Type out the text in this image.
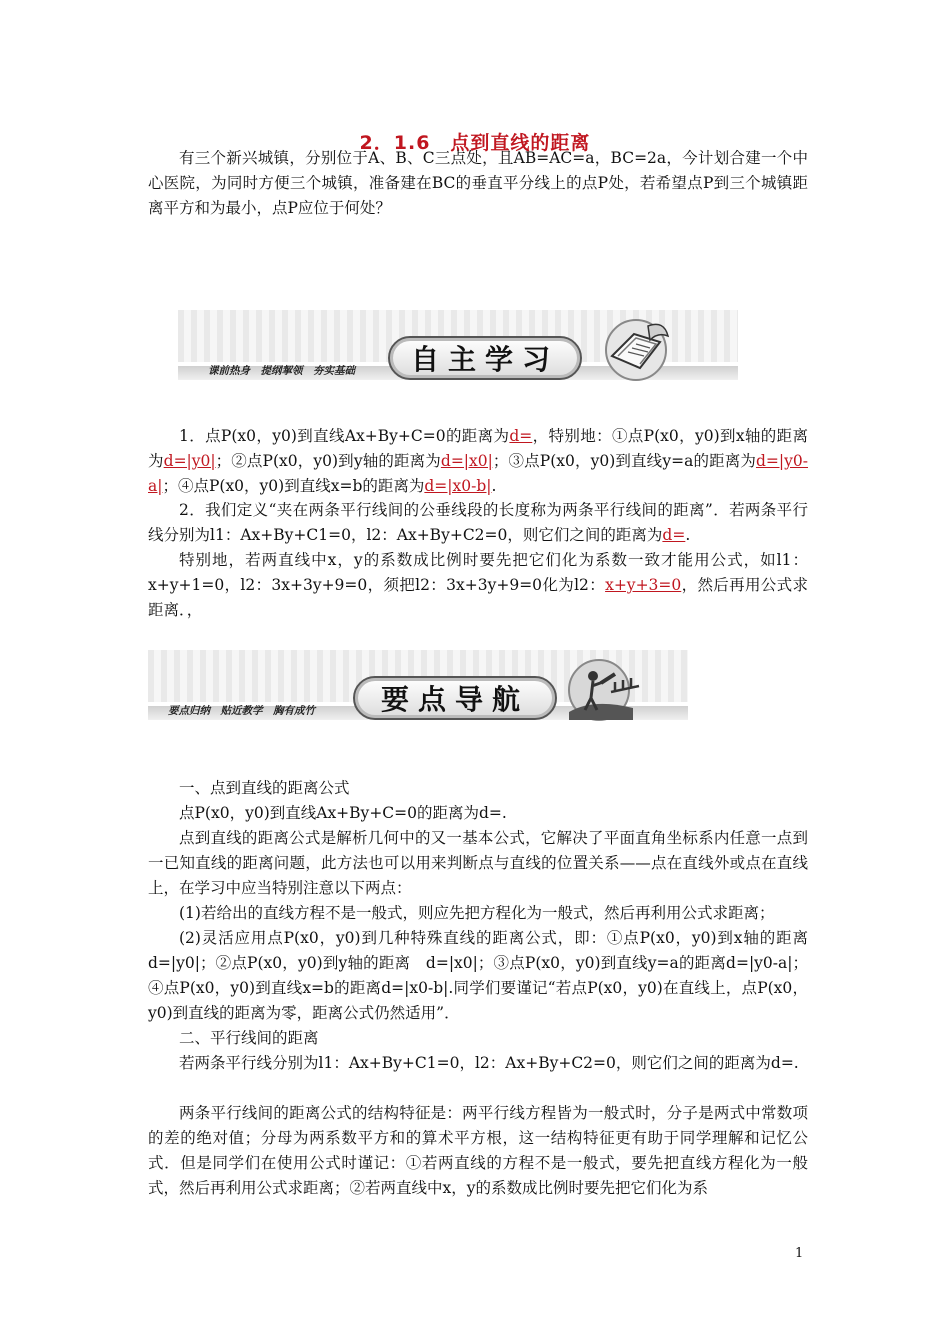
2．1.6　点到直线的距离
有三个新兴城镇，分别位于A、B、C三点处，且AB=AC=a，BC=2a，今计划合建一个中心医院，为同时方便三个城镇，准备建在BC的垂直平分线上的点P处，若希望点P到三个城镇距离平方和为最小，点P应位于何处？
课前热身　提纲挈领　夯实基础 自主学习
1．点P(x0，y0)到直线Ax+By+C=0的距离为d=，特别地：①点P(x0，y0)到x轴的距离为d=|y0|；②点P(x0，y0)到y轴的距离为d=|x0|；③点P(x0，y0)到直线y=a的距离为d=|y0-a|；④点P(x0，y0)到直线x=b的距离为d=|x0-b|.
2．我们定义“夹在两条平行线间的公垂线段的长度称为两条平行线间的距离”．若两条平行线分别为l1：Ax+By+C1=0，l2：Ax+By+C2=0，则它们之间的距离为d=.
特别地，若两直线中x，y的系数成比例时要先把它们化为系数一致才能用公式，如l1：x+y+1=0，l2：3x+3y+9=0，须把l2：3x+3y+9=0化为l2：x+y+3=0，然后再用公式求距离．，
要点归纳　贴近教学　胸有成竹 要点导航
一、点到直线的距离公式
点P(x0，y0)到直线Ax+By+C=0的距离为d=.
点到直线的距离公式是解析几何中的又一基本公式，它解决了平面直角坐标系内任意一点到一已知直线的距离问题，此方法也可以用来判断点与直线的位置关系——点在直线外或点在直线上，在学习中应当特别注意以下两点：
(1)若给出的直线方程不是一般式，则应先把方程化为一般式，然后再利用公式求距离；
(2)灵活应用点P(x0，y0)到几种特殊直线的距离公式，即：①点P(x0，y0)到x轴的距离d=|y0|；②点P(x0，y0)到y轴的距离　d=|x0|；③点P(x0，y0)到直线y=a的距离d=|y0-a|；④点P(x0，y0)到直线x=b的距离d=|x0-b|.同学们要谨记“若点P(x0，y0)在直线上，点P(x0，y0)到直线的距离为零，距离公式仍然适用”．
二、平行线间的距离
若两条平行线分别为l1：Ax+By+C1=0，l2：Ax+By+C2=0，则它们之间的距离为d=.
两条平行线间的距离公式的结构特征是：两平行线方程皆为一般式时，分子是两式中常数项的差的绝对值；分母为两系数平方和的算术平方根，这一结构特征更有助于同学理解和记忆公式．但是同学们在使用公式时谨记：①若两直线的方程不是一般式，要先把直线方程化为一般式，然后再利用公式求距离；②若两直线中x，y的系数成比例时要先把它们化为系
1
